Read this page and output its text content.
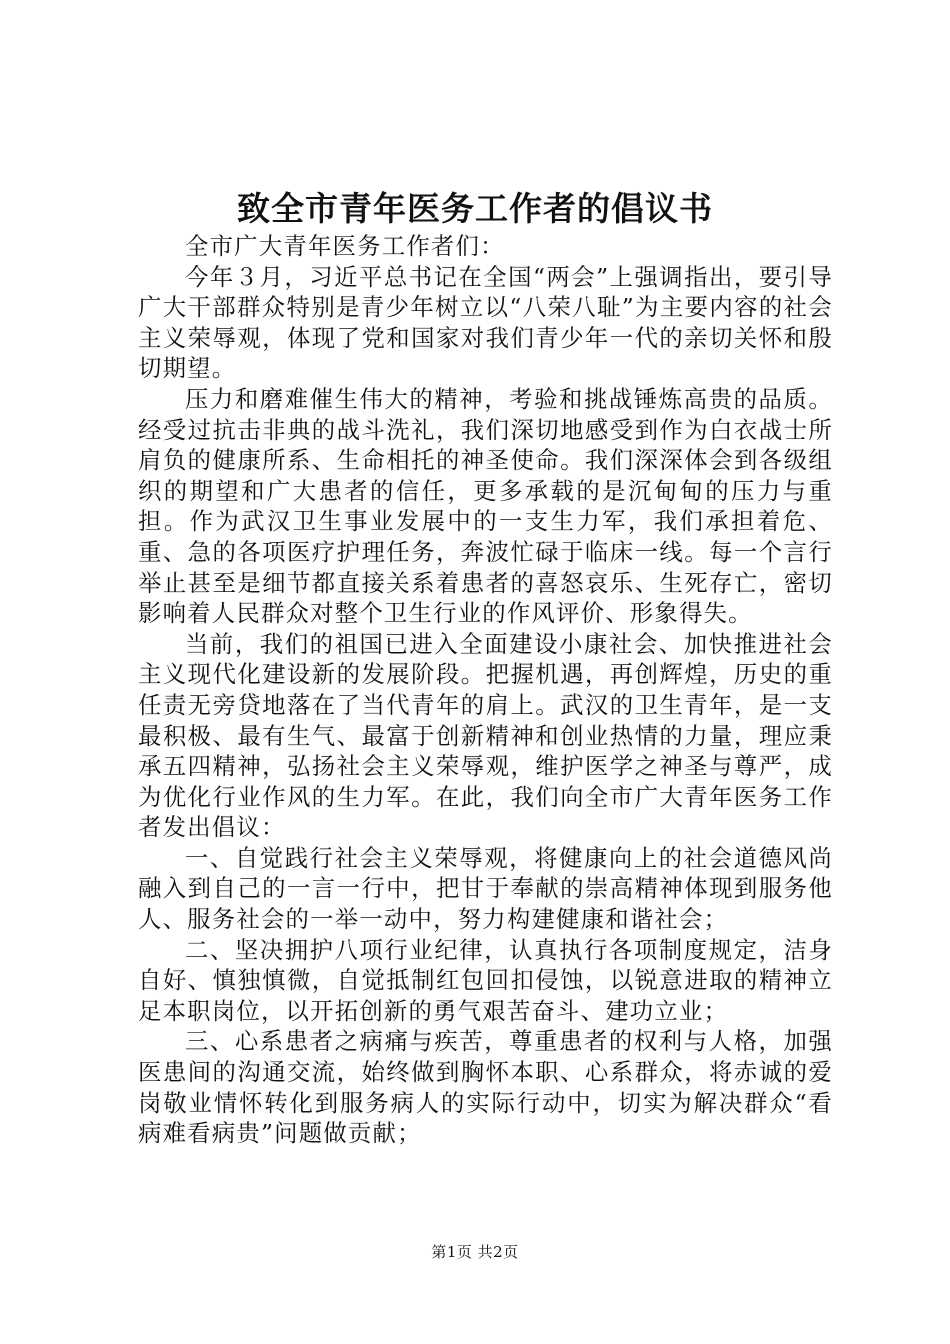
致全市青年医务工作者的倡议书

全市广大青年医务工作者们：

今年３月，习近平总书记在全国“两会”上强调指出，要引导广大干部群众特别是青少年树立以“八荣八耻”为主要内容的社会主义荣辱观，体现了党和国家对我们青少年一代的亲切关怀和殷切期望。

压力和磨难催生伟大的精神，考验和挑战锤炼高贵的品质。经受过抗击非典的战斗洗礼，我们深切地感受到作为白衣战士所肩负的健康所系、生命相托的神圣使命。我们深深体会到各级组织的期望和广大患者的信任，更多承载的是沉甸甸的压力与重担。作为武汉卫生事业发展中的一支生力军，我们承担着危、重、急的各项医疗护理任务，奔波忙碌于临床一线。每一个言行举止甚至是细节都直接关系着患者的喜怒哀乐、生死存亡，密切影响着人民群众对整个卫生行业的作风评价、形象得失。

当前，我们的祖国已进入全面建设小康社会、加快推进社会主义现代化建设新的发展阶段。把握机遇，再创辉煌，历史的重任责无旁贷地落在了当代青年的肩上。武汉的卫生青年，是一支最积极、最有生气、最富于创新精神和创业热情的力量，理应秉承五四精神，弘扬社会主义荣辱观，维护医学之神圣与尊严，成为优化行业作风的生力军。在此，我们向全市广大青年医务工作者发出倡议：

一、自觉践行社会主义荣辱观，将健康向上的社会道德风尚融入到自己的一言一行中，把甘于奉献的崇高精神体现到服务他人、服务社会的一举一动中，努力构建健康和谐社会；

二、坚决拥护八项行业纪律，认真执行各项制度规定，洁身自好、慎独慎微，自觉抵制红包回扣侵蚀，以锐意进取的精神立足本职岗位，以开拓创新的勇气艰苦奋斗、建功立业；

三、心系患者之病痛与疾苦，尊重患者的权利与人格，加强医患间的沟通交流，始终做到胸怀本职、心系群众，将赤诚的爱岗敬业情怀转化到服务病人的实际行动中，切实为解决群众“看病难看病贵”问题做贡献；

第1页 共2页
